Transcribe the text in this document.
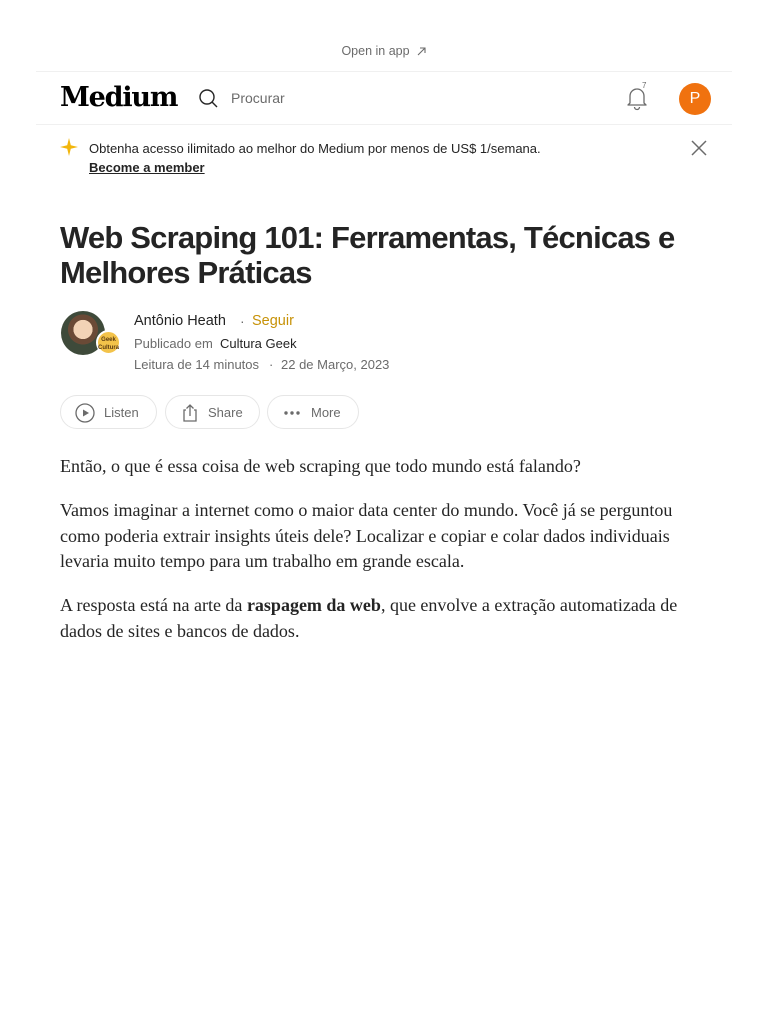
Open in app
Medium	Procurar
7
P
Obtenha acesso ilimitado ao melhor do Medium por menos de US$ 1/semana.
Become a member
Web Scraping 101: Ferramentas, Técnicas e Melhores Práticas
Geek Cultura
Antônio Heath · Seguir
Publicado em Cultura Geek
Leitura de 14 minutos · 22 de Março, 2023
Listen	Share	More

Então, o que é essa coisa de web scraping que todo mundo está falando?

Vamos imaginar a internet como o maior data center do mundo. Você já se perguntou como poderia extrair insights úteis dele? Localizar e copiar e colar dados individuais levaria muito tempo para um trabalho em grande escala.

A resposta está na arte da raspagem da web, que envolve a extração automatizada de dados de sites e bancos de dados.
